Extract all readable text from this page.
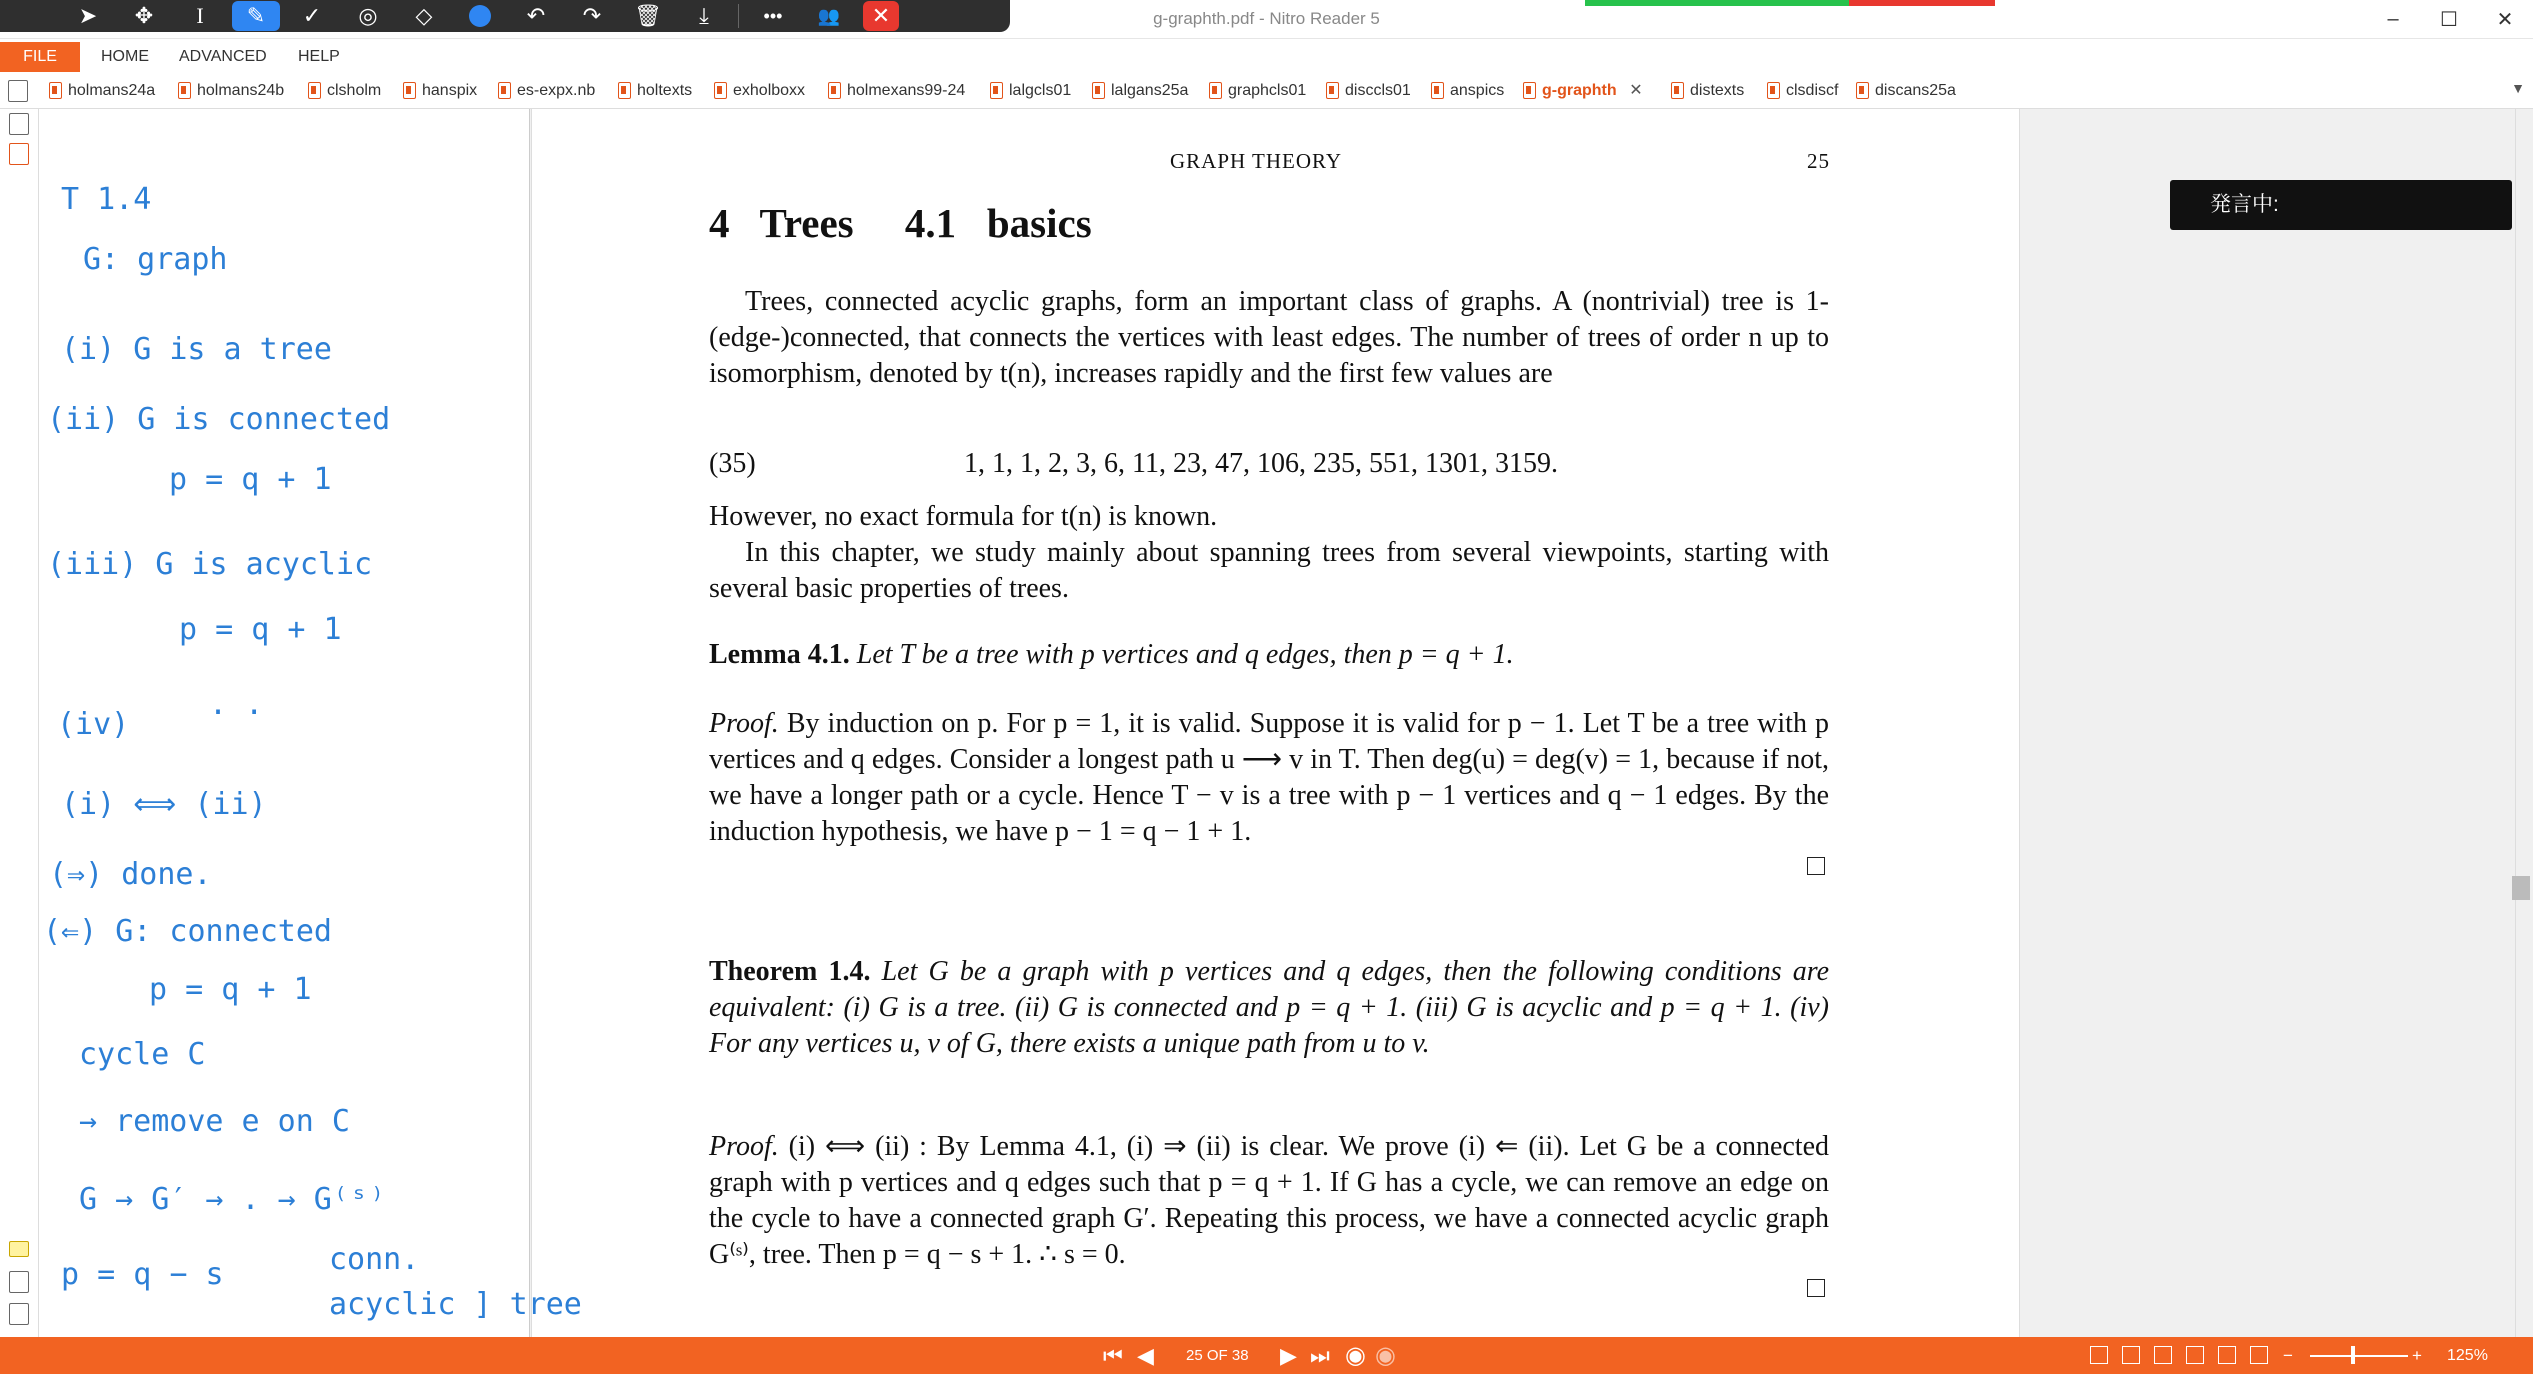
g-graphth.pdf - Nitro Reader 5	–	☐	✕
➤	✥	I	✎	✓	◎	◇	↶	↷	🗑	⤓	•••	👥	✕
FILE	HOME ADVANCED HELP
holmans24a	holmans24b	clsholm	hanspix	es-expx.nb	holtexts	exholboxx	holmexans99-24	lalgcls01	lalgans25a	graphcls01	disccls01	anspics	g-graphth ✕	distexts	clsdiscf	discans25a	▼
GRAPH THEORY	25
4   Trees     4.1   basics
Trees, connected acyclic graphs, form an important class of graphs. A (nontrivial) tree is 1-(edge-)connected, that connects the vertices with least edges. The number of trees of order n up to isomorphism, denoted by t(n), increases rapidly and the first few values are
(35)	1, 1, 1, 2, 3, 6, 11, 23, 47, 106, 235, 551, 1301, 3159.
However, no exact formula for t(n) is known.
In this chapter, we study mainly about spanning trees from several viewpoints, starting with several basic properties of trees.
Lemma 4.1. Let T be a tree with p vertices and q edges, then p = q + 1.
Proof. By induction on p. For p = 1, it is valid. Suppose it is valid for p − 1. Let T be a tree with p vertices and q edges. Consider a longest path u ⟶ v in T. Then deg(u) = deg(v) = 1, because if not, we have a longer path or a cycle. Hence T − v is a tree with p − 1 vertices and q − 1 edges. By the induction hypothesis, we have p − 1 = q − 1 + 1.
Theorem 1.4. Let G be a graph with p vertices and q edges, then the following conditions are equivalent: (i) G is a tree. (ii) G is connected and p = q + 1. (iii) G is acyclic and p = q + 1. (iv) For any vertices u, v of G, there exists a unique path from u to v.
Proof. (i) ⟺ (ii) : By Lemma 4.1, (i) ⇒ (ii) is clear. We prove (i) ⇐ (ii). Let G be a connected graph with p vertices and q edges such that p = q + 1. If G has a cycle, we can remove an edge on the cycle to have a connected graph G′. Repeating this process, we have a connected acyclic graph G⁽ˢ⁾, tree. Then p = q − s + 1. ∴ s = 0.
T 1.4
G: graph
(i) G is a tree
(ii) G is connected
p = q + 1
(iii) G is acyclic
p = q + 1
(iv)
. .
(i) ⟺ (ii)
(⇒) done.
(⇐) G: connected
p = q + 1
cycle C
→ remove e on C
G → G′ → . → G⁽ˢ⁾
p = q − s	conn.
acyclic ] tree
発言中:
⏮ ◀ 25 OF 38 ▶ ⏭ ◉ ◉	−	+ 125%
